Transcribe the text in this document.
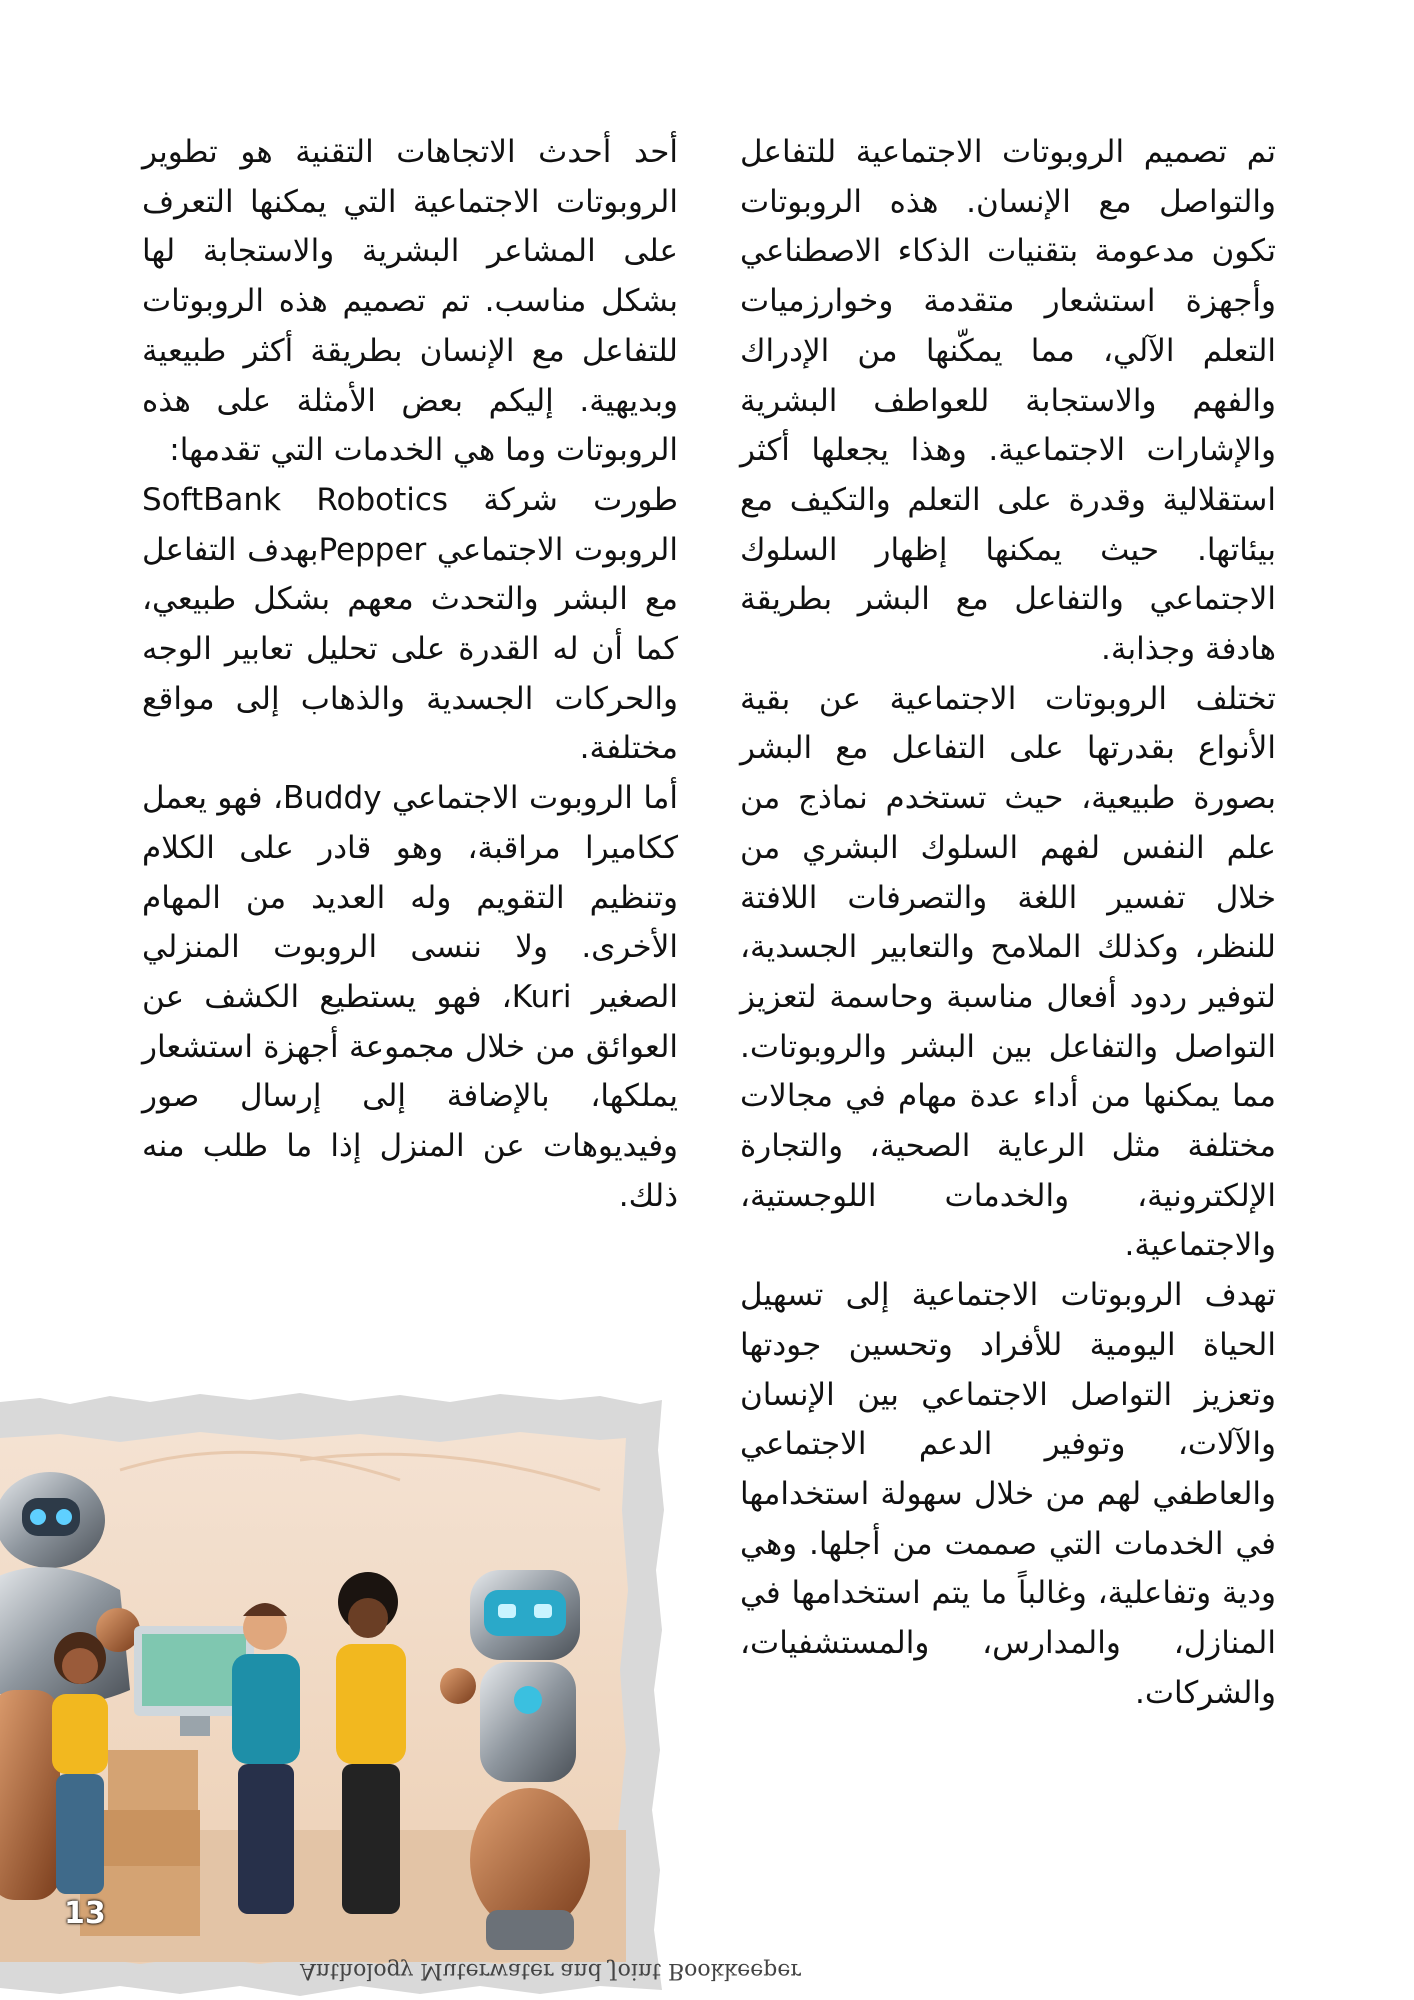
تم تصميم الروبوتات الاجتماعية للتفاعل والتواصل مع الإنسان. هذه الروبوتات تكون مدعومة بتقنيات الذكاء الاصطناعي وأجهزة استشعار متقدمة وخوارزميات التعلم الآلي، مما يمكّنها من الإدراك والفهم والاستجابة للعواطف البشرية والإشارات الاجتماعية. وهذا يجعلها أكثر استقلالية وقدرة على التعلم والتكيف مع بيئاتها. حيث يمكنها إظهار السلوك الاجتماعي والتفاعل مع البشر بطريقة هادفة وجذابة.

تختلف الروبوتات الاجتماعية عن بقية الأنواع بقدرتها على التفاعل مع البشر بصورة طبيعية، حيث تستخدم نماذج من علم النفس لفهم السلوك البشري من خلال تفسير اللغة والتصرفات اللافتة للنظر، وكذلك الملامح والتعابير الجسدية، لتوفير ردود أفعال مناسبة وحاسمة لتعزيز التواصل والتفاعل بين البشر والروبوتات. مما يمكنها من أداء عدة مهام في مجالات مختلفة مثل الرعاية الصحية، والتجارة الإلكترونية، والخدمات اللوجستية، والاجتماعية.

تهدف الروبوتات الاجتماعية إلى تسهيل الحياة اليومية للأفراد وتحسين جودتها وتعزيز التواصل الاجتماعي بين الإنسان والآلات، وتوفير الدعم الاجتماعي والعاطفي لهم من خلال سهولة استخدامها في الخدمات التي صممت من أجلها. وهي ودية وتفاعلية، وغالباً ما يتم استخدامها في المنازل، والمدارس، والمستشفيات، والشركات.

أحد أحدث الاتجاهات التقنية هو تطوير الروبوتات الاجتماعية التي يمكنها التعرف على المشاعر البشرية والاستجابة لها بشكل مناسب. تم تصميم هذه الروبوتات للتفاعل مع الإنسان بطريقة أكثر طبيعية وبديهية. إليكم بعض الأمثلة على هذه الروبوتات وما هي الخدمات التي تقدمها:

طورت شركة SoftBank Robotics الروبوت الاجتماعي Pepperبهدف التفاعل مع البشر والتحدث معهم بشكل طبيعي، كما أن له القدرة على تحليل تعابير الوجه والحركات الجسدية والذهاب إلى مواقع مختلفة.

أما الروبوت الاجتماعي Buddy، فهو يعمل ككاميرا مراقبة، وهو قادر على الكلام وتنظيم التقويم وله العديد من المهام الأخرى. ولا ننسى الروبوت المنزلي الصغير Kuri، فهو يستطيع الكشف عن العوائق من خلال مجموعة أجهزة استشعار يملكها، بالإضافة إلى إرسال صور وفيديوهات عن المنزل إذا ما طلب منه ذلك.

13
Anthology Muterwater and Joint Bookkeeper
